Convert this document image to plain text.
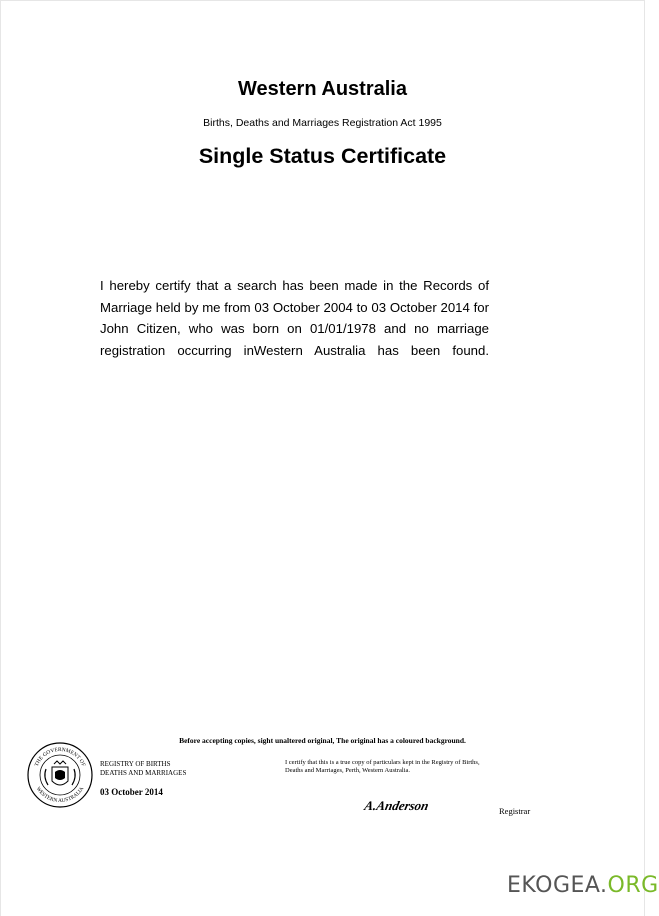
Western Australia
Births, Deaths and Marriages Registration Act 1995
Single Status Certificate
I hereby certify that a search has been made in the Records of Marriage held by me from 03 October 2004 to 03 October 2014 for John Citizen, who was born on 01/01/1978 and no marriage registration occurring inWestern Australia has been found.
Before accepting copies, sight unaltered original, The original has a coloured background.
THE GOVERNMENT OF
WESTERN AUSTRALIA
REGISTRY OF BIRTHS
DEATHS AND MARRIAGES
03 October 2014
I certify that this is a true copy of particulars kept in the Registry of Births,
Deaths and Marriages, Perth, Western Australia.
A.Anderson	Registrar
EKOGEA.ORG
